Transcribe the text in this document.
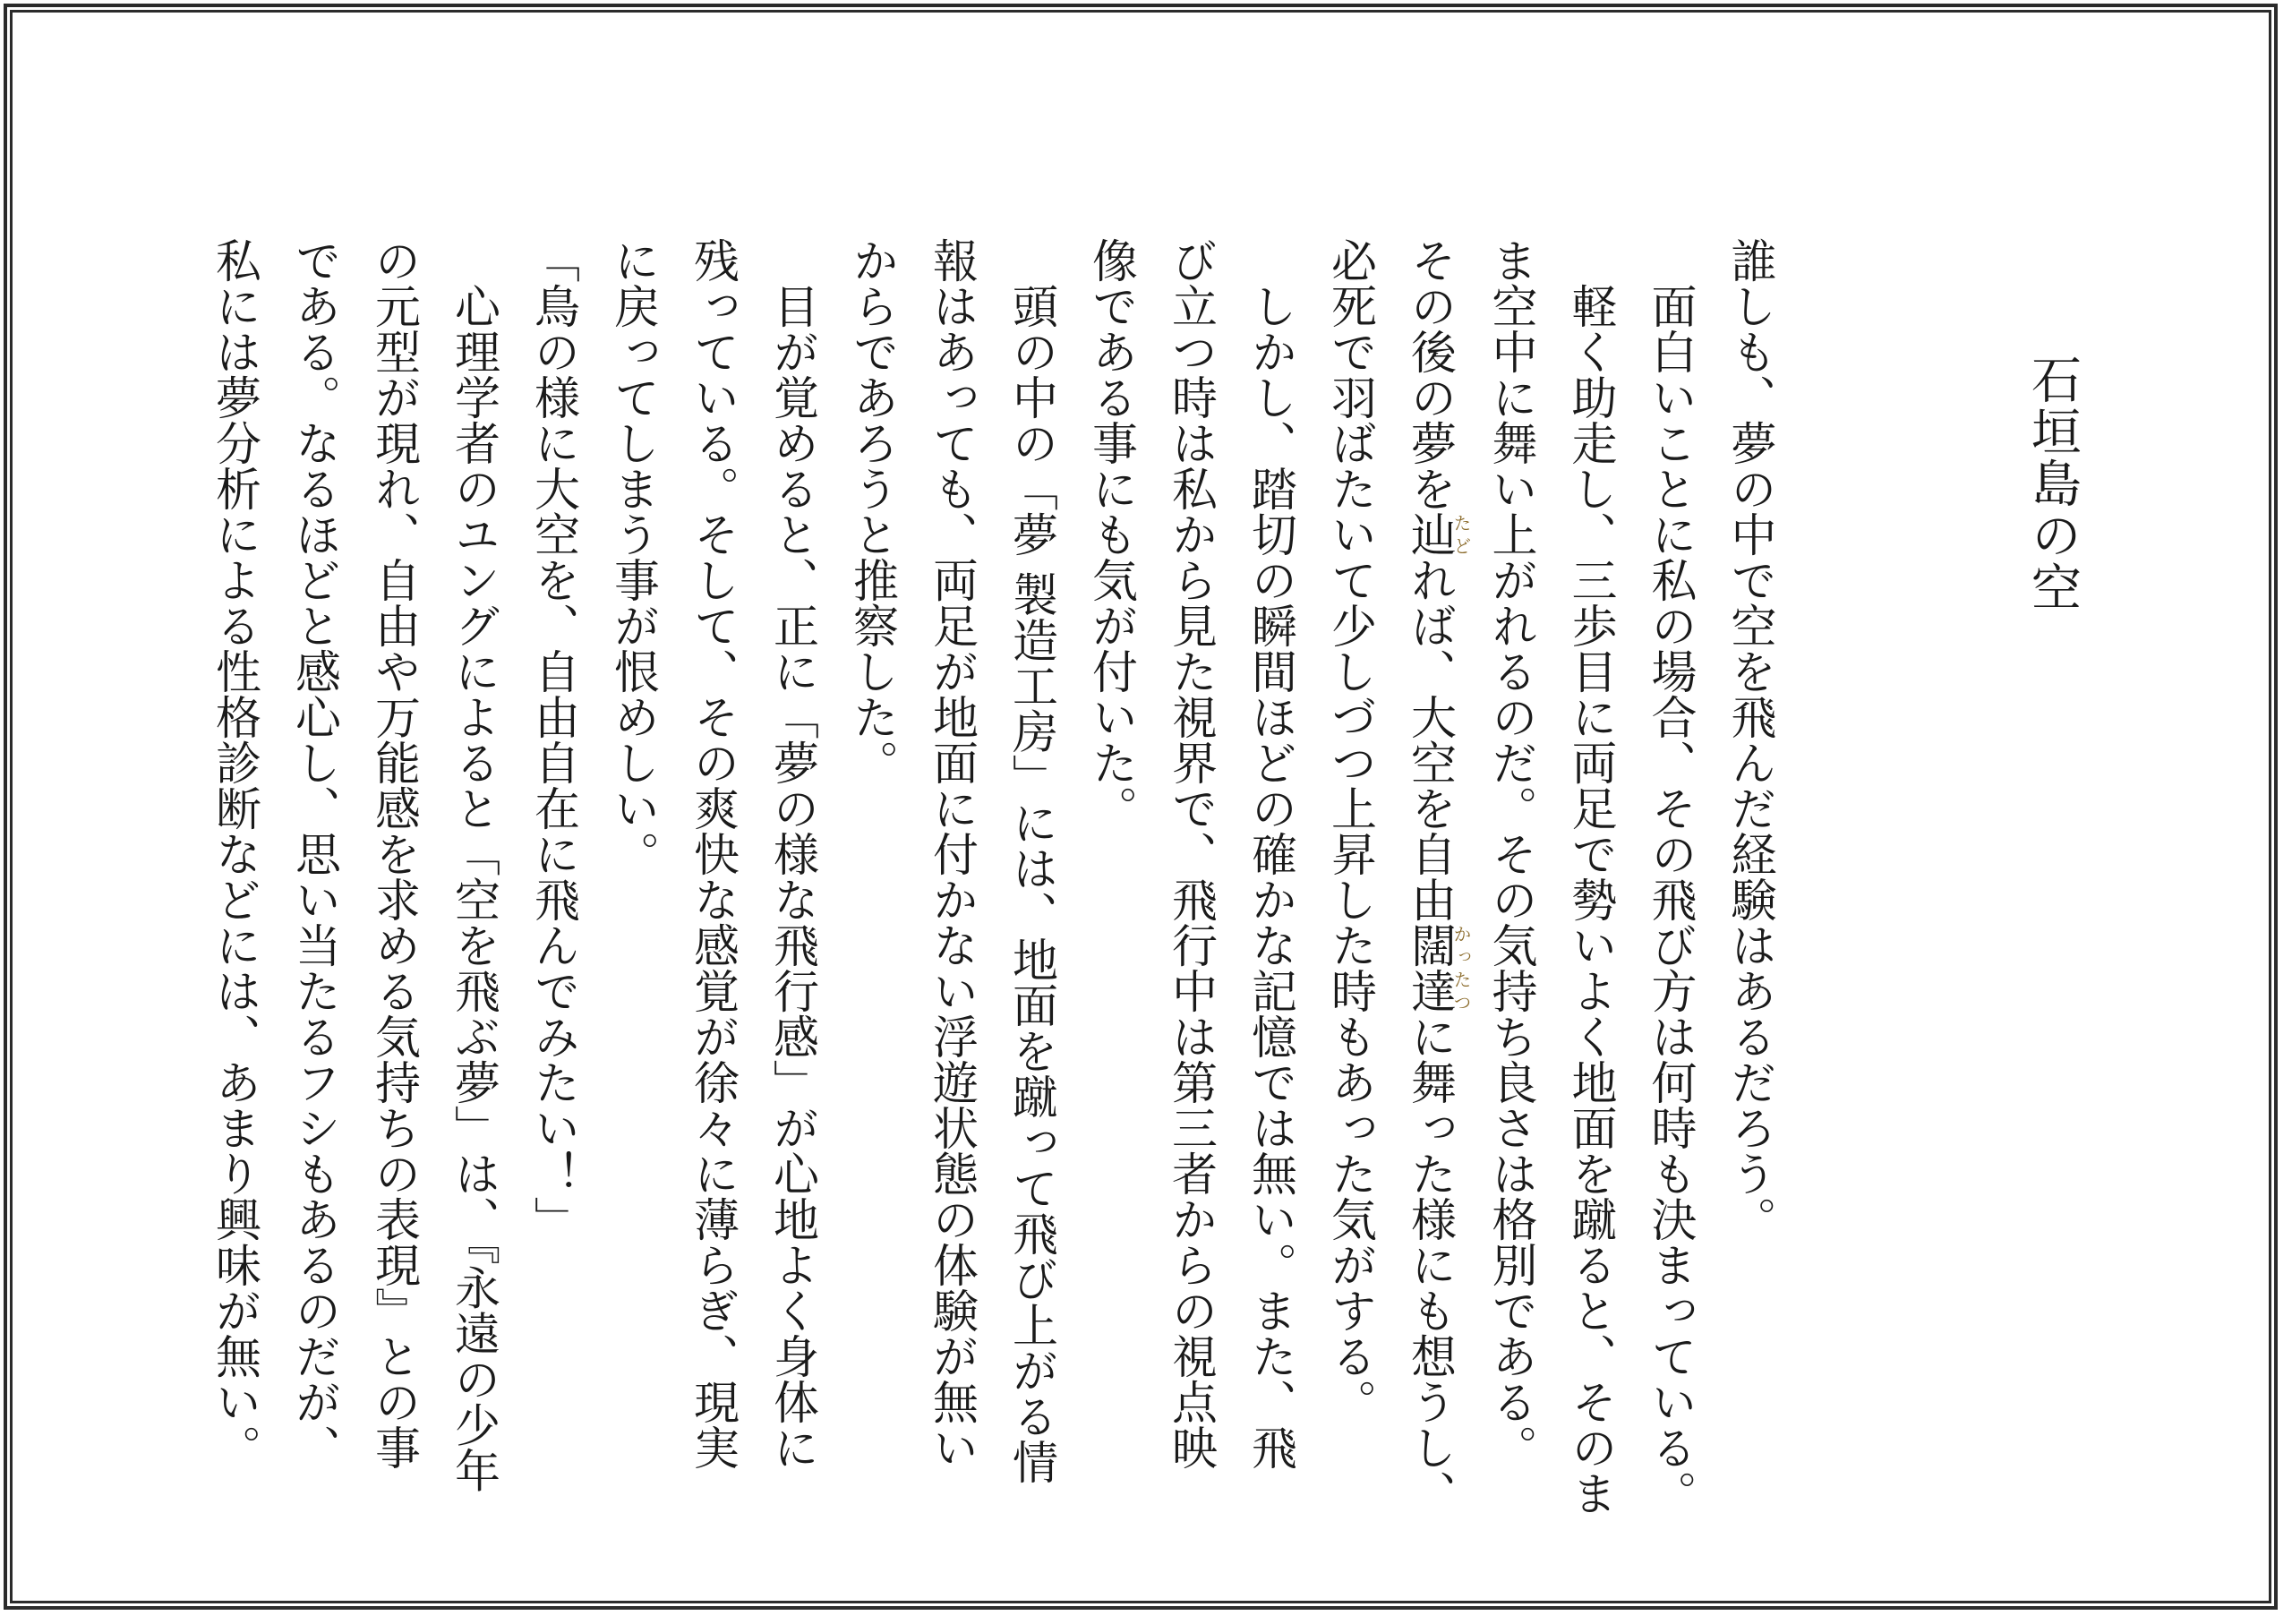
石垣島の空

誰しも、夢の中で空を飛んだ経験はあるだろう。

面白いことに私の場合、その飛び方は何時も決まっている。

軽く助走し、三歩目に両足で勢いよく地面を蹴ると、そのま

ま空中に舞い上がれるのだ。その気持ち良さは格別である。

その後の夢を辿たどれば、大空を自由闊達かったつに舞った様にも想うし、

必死で羽ばたいて少しづつ上昇した時もあった気がする。

しかし、踏切の瞬間ほどの確かな記憶では無い。また、飛

び立つ時は私から見た視界で、飛行中は第三者からの視点映

像である事にも気が付いた。

頭の中の「夢 製造工房」には、地面を蹴って飛び上がる情

報はあっても、両足が地面に付かない浮遊状態の体験が無い

からであろうと推察した。

目が覚めると、正に「夢の様な飛行感」が心地よく身体に

残っている。そして、その爽快な感覚が徐々に薄らぎ、現実

に戻ってしまう事が恨めしい。

「鳥の様に大空を、自由自在に飛んでみたい！」

心理学者のユングによると「空を飛ぶ夢」は、『永遠の少年

の元型が現れ、自由や万能感を求める気持ちの表現』との事

である。なるほどと感心し、思い当たるフシもあるのだが、

私には夢分析による性格診断などには、あまり興味が無い。
